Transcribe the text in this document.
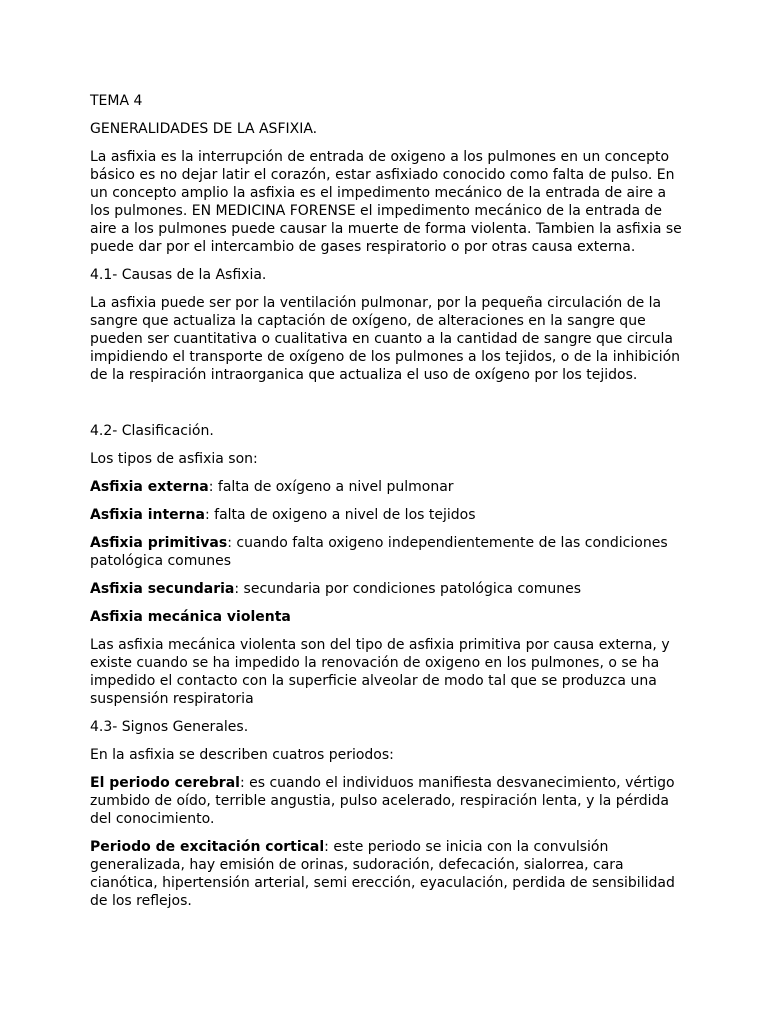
TEMA 4

GENERALIDADES DE LA ASFIXIA.

La asfixia es la interrupción de entrada de oxigeno a los pulmones en un concepto básico es no dejar latir el corazón, estar asfixiado conocido como falta de pulso. En un concepto amplio la asfixia es el impedimento mecánico de la entrada de aire a los pulmones. EN MEDICINA FORENSE el impedimento mecánico de la entrada de aire a los pulmones puede causar la muerte de forma violenta. Tambien la asfixia se puede dar por el intercambio de gases respiratorio o por otras causa externa.

4.1- Causas de la Asfixia.

La asfixia puede ser por la ventilación pulmonar, por la pequeña circulación de la sangre que actualiza la captación de oxígeno, de alteraciones en la sangre que pueden ser cuantitativa o cualitativa en cuanto a la cantidad de sangre que circula impidiendo el transporte de oxígeno de los pulmones a los tejidos, o de la inhibición de la respiración intraorganica que actualiza el uso de oxígeno por los tejidos.

4.2- Clasificación.

Los tipos de asfixia son:

Asfixia externa: falta de oxígeno a nivel pulmonar

Asfixia interna: falta de oxigeno a nivel de los tejidos

Asfixia primitivas: cuando falta oxigeno independientemente de las condiciones patológica comunes

Asfixia secundaria: secundaria por condiciones patológica comunes

Asfixia mecánica violenta

Las asfixia mecánica violenta son del tipo de asfixia primitiva por causa externa, y existe cuando se ha impedido la renovación de oxigeno en los pulmones, o se ha impedido el contacto con la superficie alveolar de modo tal que se produzca una suspensión respiratoria

4.3- Signos Generales.

En la asfixia se describen cuatros periodos:

El periodo cerebral: es cuando el individuos manifiesta desvanecimiento, vértigo zumbido de oído, terrible angustia, pulso acelerado, respiración lenta, y la pérdida del conocimiento.

Periodo de excitación cortical: este periodo se inicia con la convulsión generalizada, hay emisión de orinas, sudoración, defecación, sialorrea, cara cianótica, hipertensión arterial, semi erección, eyaculación, perdida de sensibilidad de los reflejos.
